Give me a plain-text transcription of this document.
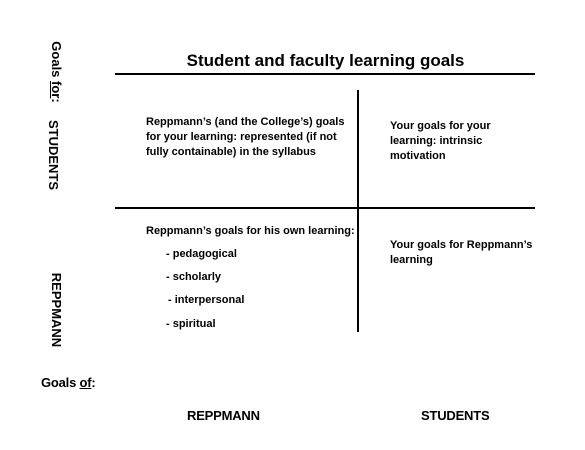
Student and faculty learning goals
Goals for:
STUDENTS
REPPMANN
Reppmann’s (and the College’s) goals for your learning: represented (if not fully containable) in the syllabus
Your goals for your learning: intrinsic motivation
Reppmann’s goals for his own learning:
- pedagogical
- scholarly
- interpersonal
- spiritual
Your goals for Reppmann’s learning
Goals of:
REPPMANN	STUDENTS
